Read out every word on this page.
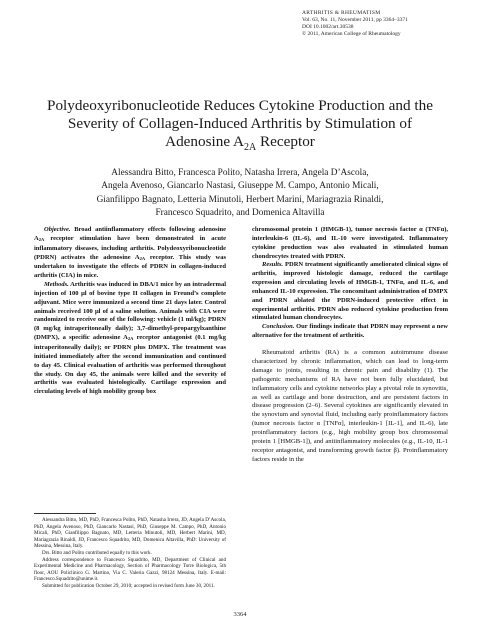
ARTHRITIS & RHEUMATISM
Vol. 63, No. 11, November 2011, pp 3364–3371
DOI 10.1002/art.30538
© 2011, American College of Rheumatology
Polydeoxyribonucleotide Reduces Cytokine Production and the
Severity of Collagen-Induced Arthritis by Stimulation of
Adenosine $A_{2A}$ Receptor
Alessandra Bitto, Francesca Polito, Natasha Irrera, Angela D’Ascola,
Angela Avenoso, Giancarlo Nastasi, Giuseppe M. Campo, Antonio Micali,
Gianfilippo Bagnato, Letteria Minutoli, Herbert Marini, Mariagrazia Rinaldi,
Francesco Squadrito, and Domenica Altavilla

Objective. Broad antiinflammatory effects following adenosine $A_{2A}$ receptor stimulation have been demonstrated in acute inflammatory diseases, including arthritis. Polydeoxyribonucleotide (PDRN) activates the adenosine $A_{2A}$ receptor. This study was undertaken to investigate the effects of PDRN in collagen-induced arthritis (CIA) in mice.

Methods. Arthritis was induced in DBA/1 mice by an intradermal injection of 100 μl of bovine type II collagen in Freund’s complete adjuvant. Mice were immunized a second time 21 days later. Control animals received 100 μl of a saline solution. Animals with CIA were randomized to receive one of the following: vehicle (1 ml/kg); PDRN (8 mg/kg intraperitoneally daily); 3,7-dimethyl-propargylxanthine (DMPX), a specific adenosine $A_{2A}$ receptor antagonist (0.1 mg/kg intraperitoneally daily); or PDRN plus DMPX. The treatment was initiated immediately after the second immunization and continued to day 45. Clinical evaluation of arthritis was performed throughout the study. On day 45, the animals were killed and the severity of arthritis was evaluated histologically. Cartilage expression and circulating levels of high mobility group box

Alessandra Bitto, MD, PhD, Francesca Polito, PhD, Natasha Irrera, JD, Angela D’Ascola, PhD, Angela Avenoso, PhD, Giancarlo Nastasi, PhD, Giuseppe M. Campo, PhD, Antonio Micali, PhD, Gianfilippo Bagnato, MD, Letteria Minutoli, MD, Herbert Marini, MD, Mariagrazia Rinaldi, JD, Francesco Squadrito, MD, Domenica Altavilla, PhD: University of Messina, Messina, Italy.

Drs. Bitto and Polito contributed equally to this work.

Address correspondence to Francesco Squadrito, MD, Department of Clinical and Experimental Medicine and Pharmacology, Section of Pharmacology Torre Biologica, 5th floor, AOU Policlinico G. Martino, Via C. Valeria Gazzi, 98124 Messina, Italy. E-mail: Francesco.Squadrito@unime.it.

Submitted for publication October 29, 2010; accepted in revised form June 30, 2011.

chromosomal protein 1 (HMGB-1), tumor necrosis factor α (TNFα), interleukin-6 (IL-6), and IL-10 were investigated. Inflammatory cytokine production was also evaluated in stimulated human chondrocytes treated with PDRN.

Results. PDRN treatment significantly ameliorated clinical signs of arthritis, improved histologic damage, reduced the cartilage expression and circulating levels of HMGB-1, TNFα, and IL-6, and enhanced IL-10 expression. The concomitant administration of DMPX and PDRN ablated the PDRN-induced protective effect in experimental arthritis. PDRN also reduced cytokine production from stimulated human chondrocytes.

Conclusion. Our findings indicate that PDRN may represent a new alternative for the treatment of arthritis.

Rheumatoid arthritis (RA) is a common autoimmune disease characterized by chronic inflammation, which can lead to long-term damage to joints, resulting in chronic pain and disability (1). The pathogenic mechanisms of RA have not been fully elucidated, but inflammatory cells and cytokine networks play a pivotal role in synovitis, as well as cartilage and bone destruction, and are persistent factors in disease progression (2–6). Several cytokines are significantly elevated in the synovium and synovial fluid, including early proinflammatory factors (tumor necrosis factor α [TNFα], interleukin-1 [IL-1], and IL-6), late proinflammatory factors (e.g., high mobility group box chromosomal protein 1 [HMGB-1]), and antiinflammatory molecules (e.g., IL-10, IL-1 receptor antagonist, and transforming growth factor β). Proinflammatory factors reside in the

3364
